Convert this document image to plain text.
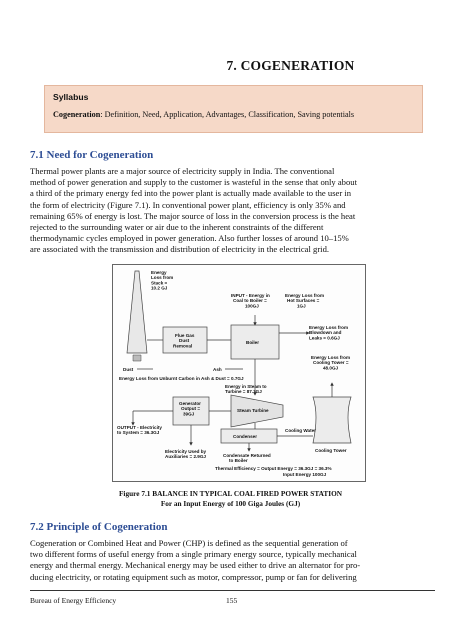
7. COGENERATION
Syllabus
Cogeneration: Definition, Need, Application, Advantages, Classification, Saving potentials
7.1 Need for Cogeneration
Thermal power plants are a major source of electricity supply in India. The conventional
method of power generation and supply to the customer is wasteful in the sense that only about
a third of the primary energy fed into the power plant is actually made available to the user in
the form of electricity (Figure 7.1). In conventional power plant, efficiency is only 35% and
remaining 65% of energy is lost. The major source of loss in the conversion process is the heat
rejected to the surrounding water or air due to the inherent constraints of the different
thermodynamic cycles employed in power generation. Also further losses of around 10–15%
are associated with the transmission and distribution of electricity in the electrical grid.
Energy Loss from Stack = 10.2 GJ
INPUT - Energy in Coal to Boiler = 100GJ
Energy Loss from Hot Surfaces = 1GJ
Flue Gas Dust Removal
Boiler
Energy Loss from Blowdown and Leaks = 0.6GJ
Dust	Ash
Energy Loss from Cooling Tower = 48.0GJ
Energy Loss from Unburnt Carbon in Ash & Dust = 0.7GJ
Energy in Steam to Turbine = 87.3GJ
Generator Output = 39GJ
Steam Turbine
OUTPUT - Electricity to System = 36.3GJ
Condenser
Cooling Water
Electricity Used by Auxiliaries = 2.9GJ	Condensate Returned to Boiler
Cooling Tower
Thermal Efficiency = Output Energy = 36.3GJ = 36.3%
Input Energy 100GJ
Figure 7.1 BALANCE IN TYPICAL COAL FIRED POWER STATION
For an Input Energy of 100 Giga Joules (GJ)
7.2 Principle of Cogeneration
Cogeneration or Combined Heat and Power (CHP) is defined as the sequential generation of
two different forms of useful energy from a single primary energy source, typically mechanical
energy and thermal energy. Mechanical energy may be used either to drive an alternator for pro-
ducing electricity, or rotating equipment such as motor, compressor, pump or fan for delivering
Bureau of Energy Efficiency	155
